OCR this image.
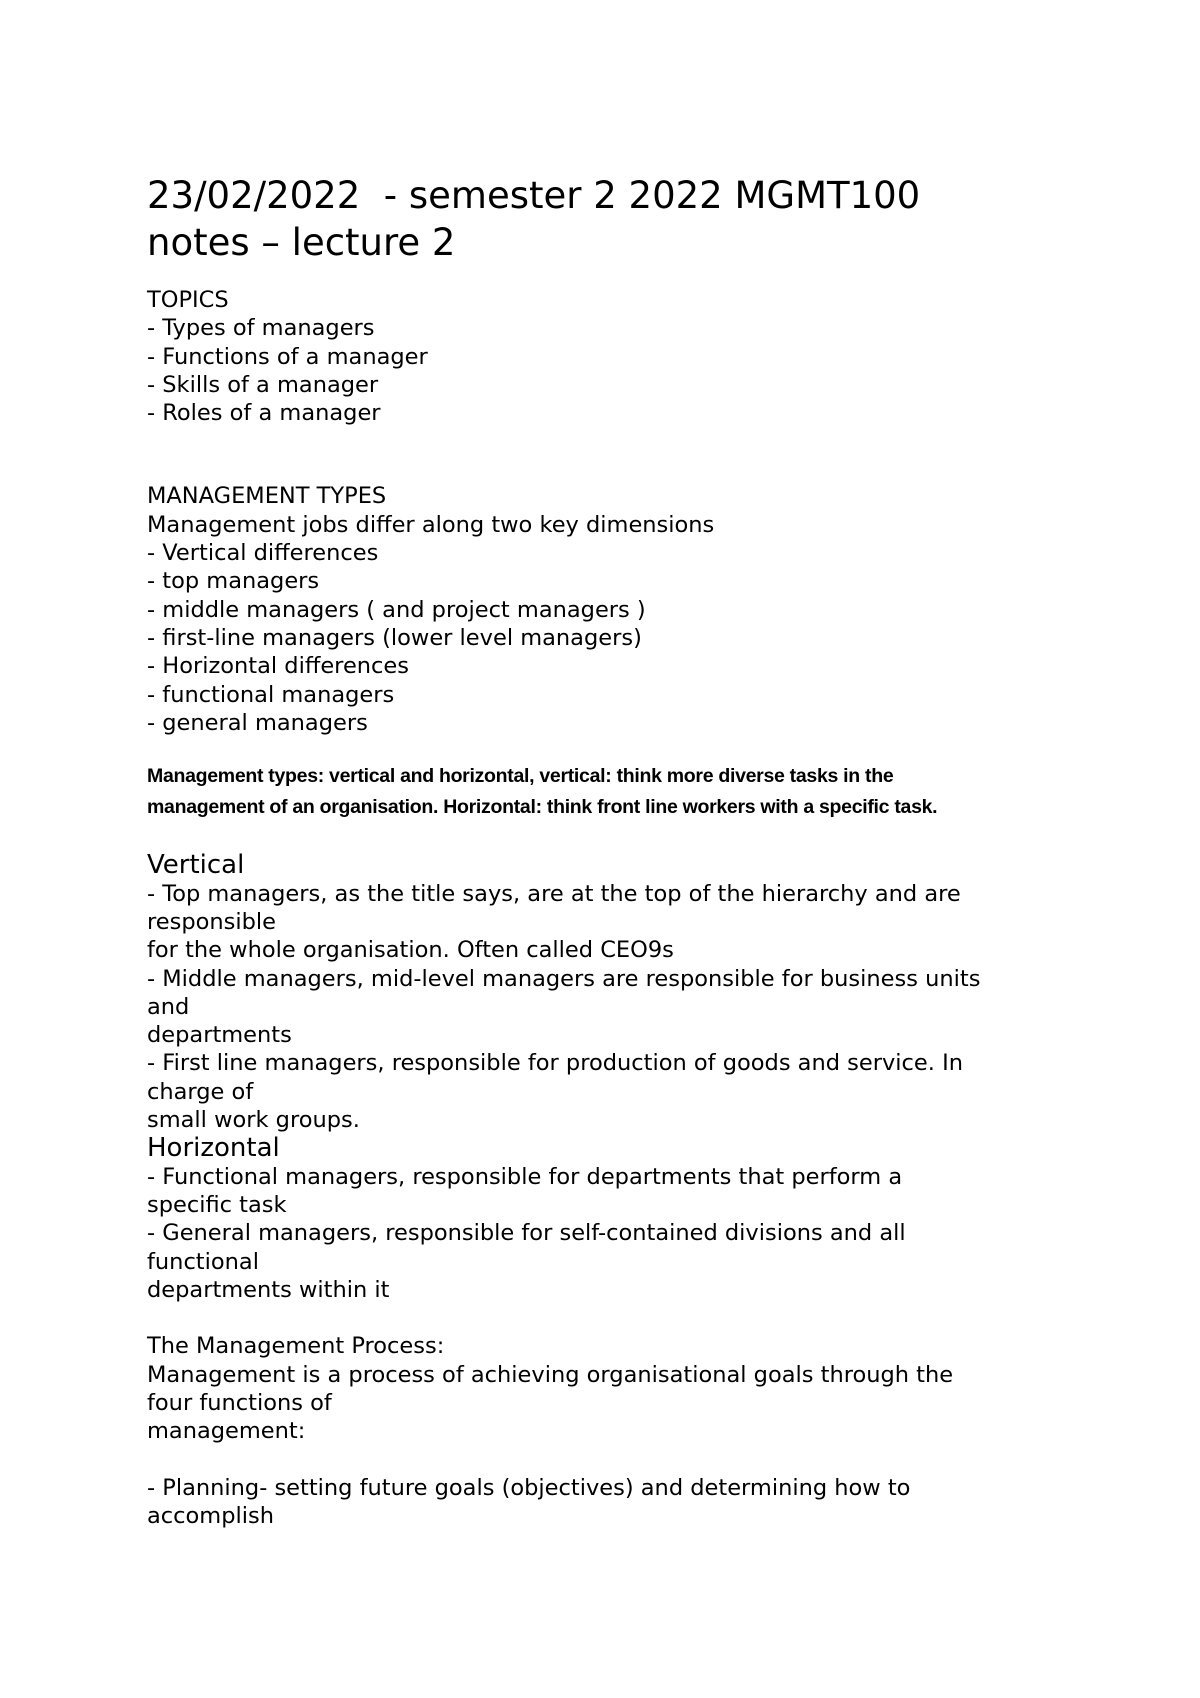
23/02/2022  - semester 2 2022 MGMT100
notes – lecture 2
TOPICS
- Types of managers
- Functions of a manager
- Skills of a manager
- Roles of a manager
MANAGEMENT TYPES
Management jobs differ along two key dimensions
- Vertical differences
- top managers
- middle managers ( and project managers )
- first-line managers (lower level managers)
- Horizontal differences
- functional managers
- general managers
Management types: vertical and horizontal, vertical: think more diverse tasks in the
management of an organisation. Horizontal: think front line workers with a specific task.
Vertical
- Top managers, as the title says, are at the top of the hierarchy and are
responsible
for the whole organisation. Often called CEO9s
- Middle managers, mid-level managers are responsible for business units
and
departments
- First line managers, responsible for production of goods and service. In
charge of
small work groups.
Horizontal
- Functional managers, responsible for departments that perform a
specific task
- General managers, responsible for self-contained divisions and all
functional
departments within it
The Management Process:
Management is a process of achieving organisational goals through the
four functions of
management:
- Planning- setting future goals (objectives) and determining how to
accomplish
